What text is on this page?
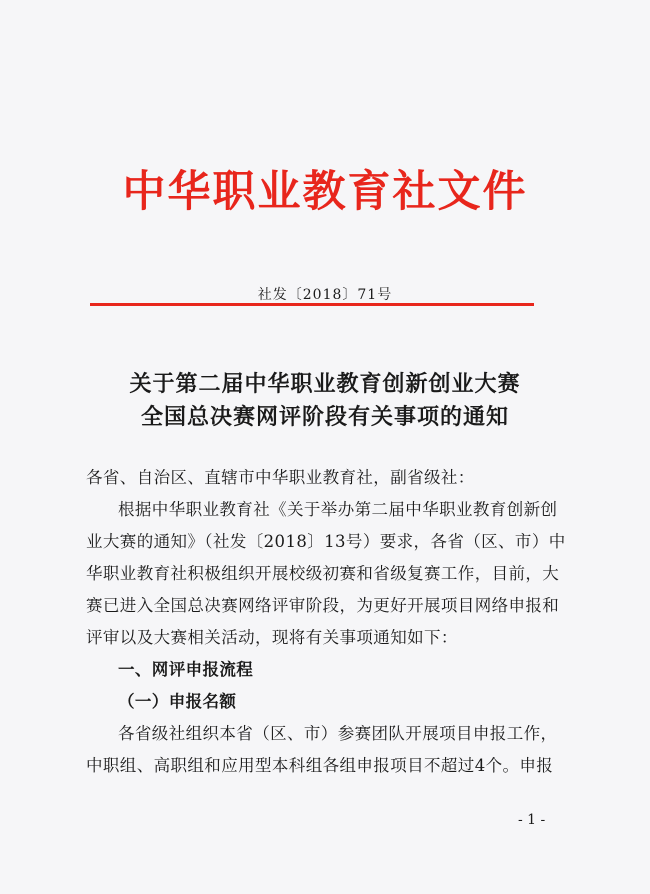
中华职业教育社文件
社发〔2018〕71号
关于第二届中华职业教育创新创业大赛
全国总决赛网评阶段有关事项的通知
各省、自治区、直辖市中华职业教育社，副省级社：
根据中华职业教育社《关于举办第二届中华职业教育创新创
业大赛的通知》（社发〔2018〕13号）要求，各省（区、市）中
华职业教育社积极组织开展校级初赛和省级复赛工作，目前，大
赛已进入全国总决赛网络评审阶段，为更好开展项目网络申报和
评审以及大赛相关活动，现将有关事项通知如下：
一、网评申报流程
（一）申报名额
各省级社组织本省（区、市）参赛团队开展项目申报工作，
中职组、高职组和应用型本科组各组申报项目不超过4个。申报
- 1 -
